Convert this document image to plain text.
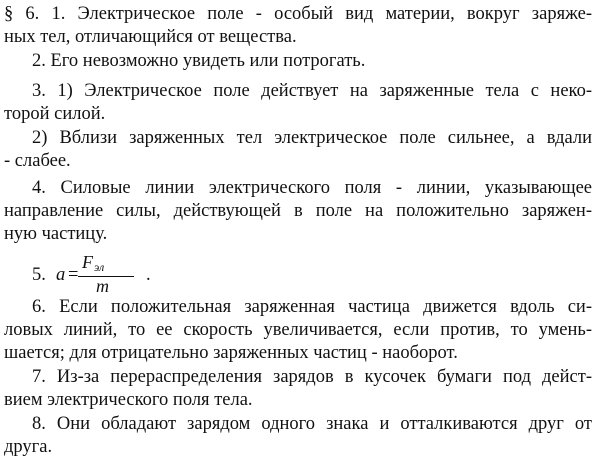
§ 6. 1. Электрическое поле - особый вид материи, вокруг заряже-
ных тел, отличающийся от вещества.
2. Его невозможно увидеть или потрогать.
3. 1) Электрическое поле действует на заряженные тела с неко-
торой силой.
2) Вблизи заряженных тел электрическое поле сильнее, а вдали
- слабее.
4. Силовые линии электрического поля - линии, указывающее
направление силы, действующей в поле на положительно заряжен-
ную частицу.
5. a =
Fэл
m
.
6. Если положительная заряженная частица движется вдоль си-
ловых линий, то ее скорость увеличивается, если против, то умень-
шается; для отрицательно заряженных частиц - наоборот.
7. Из-за перераспределения зарядов в кусочек бумаги под дейст-
вием электрического поля тела.
8. Они обладают зарядом одного знака и отталкиваются друг от
друга.
